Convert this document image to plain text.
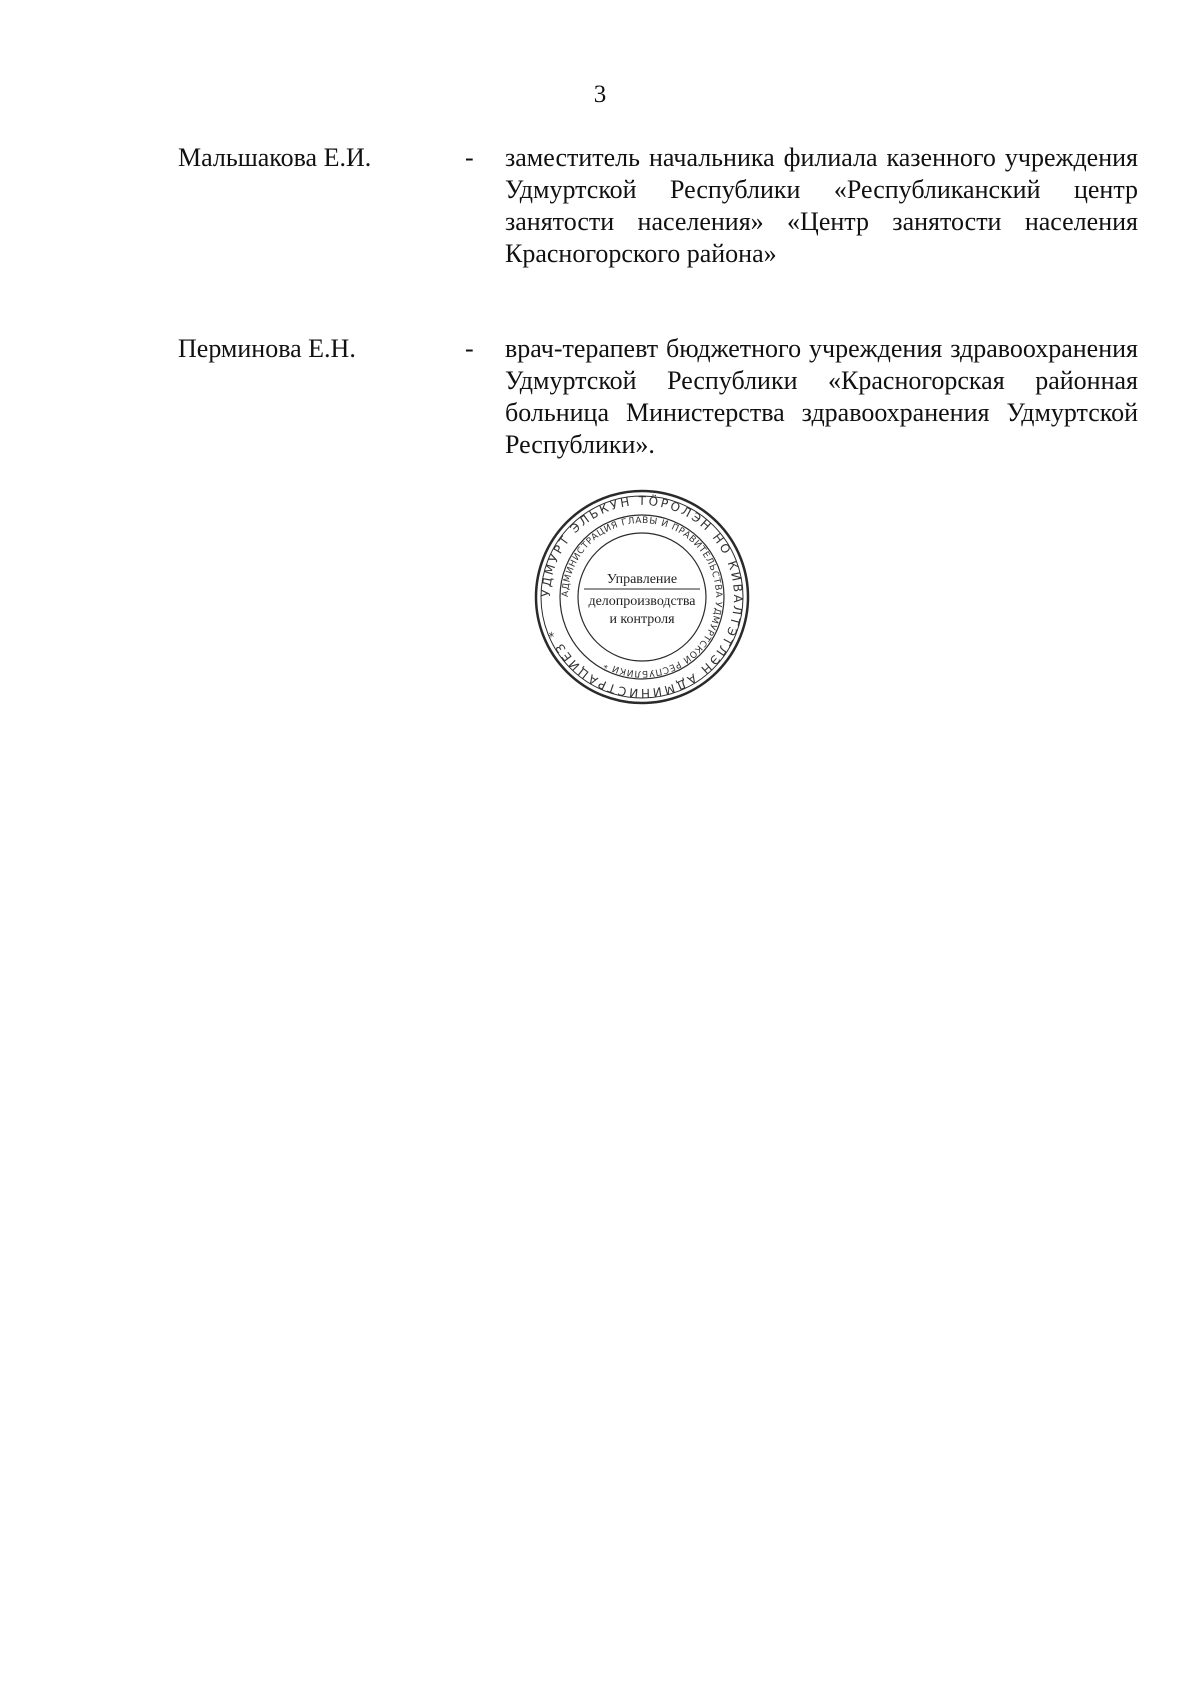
3
Мальшакова Е.И.	- заместитель начальника филиала казенного учреждения Удмуртской Республики «Республиканский центр занятости населения» «Центр занятости населения Красногорского района»
Перминова Е.Н.	- врач-терапевт бюджетного учреждения здравоохранения Удмуртской Республики «Красногорская районная больница Министерства здравоохранения Удмуртской Республики».
УДМУРТ ЭЛЬКУН ТӦРОЛЭН НО КИВАЛТЭТЛЭН АДМИНИСТРАЦИЕЗ *
АДМИНИСТРАЦИЯ ГЛАВЫ И ПРАВИТЕЛЬСТВА УДМУРТСКОЙ РЕСПУБЛИКИ *
Управление
делопроизводства
и контроля
